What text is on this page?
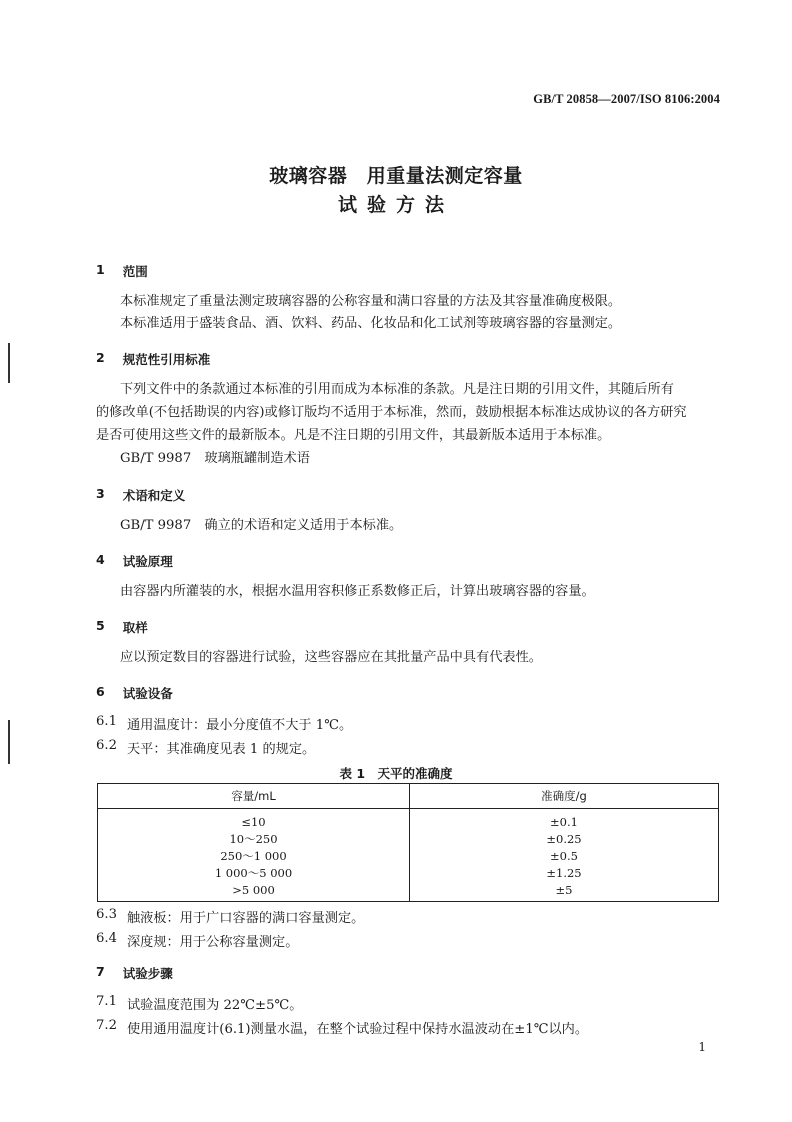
GB/T 20858—2007/ISO 8106:2004
玻璃容器　用重量法测定容量
试验方法
1 范围
本标准规定了重量法测定玻璃容器的公称容量和满口容量的方法及其容量准确度极限。
本标准适用于盛装食品、酒、饮料、药品、化妆品和化工试剂等玻璃容器的容量测定。
2 规范性引用标准
下列文件中的条款通过本标准的引用而成为本标准的条款。凡是注日期的引用文件，其随后所有
的修改单(不包括勘误的内容)或修订版均不适用于本标准，然而，鼓励根据本标准达成协议的各方研究
是否可使用这些文件的最新版本。凡是不注日期的引用文件，其最新版本适用于本标准。
GB/T 9987　玻璃瓶罐制造术语
3 术语和定义
GB/T 9987　确立的术语和定义适用于本标准。
4 试验原理
由容器内所灌装的水，根据水温用容积修正系数修正后，计算出玻璃容器的容量。
5 取样
应以预定数目的容器进行试验，这些容器应在其批量产品中具有代表性。
6 试验设备
6.1 通用温度计：最小分度值不大于 1℃。
6.2 天平：其准确度见表 1 的规定。
表 1　天平的准确度
容量/mL	准确度/g
≤10	±0.1
10～250	±0.25
250～1 000	±0.5
1 000～5 000	±1.25
>5 000	±5
6.3 触液板：用于广口容器的满口容量测定。
6.4 深度规：用于公称容量测定。
7 试验步骤
7.1 试验温度范围为 22℃±5℃。
7.2 使用通用温度计(6.1)测量水温，在整个试验过程中保持水温波动在±1℃以内。
1
